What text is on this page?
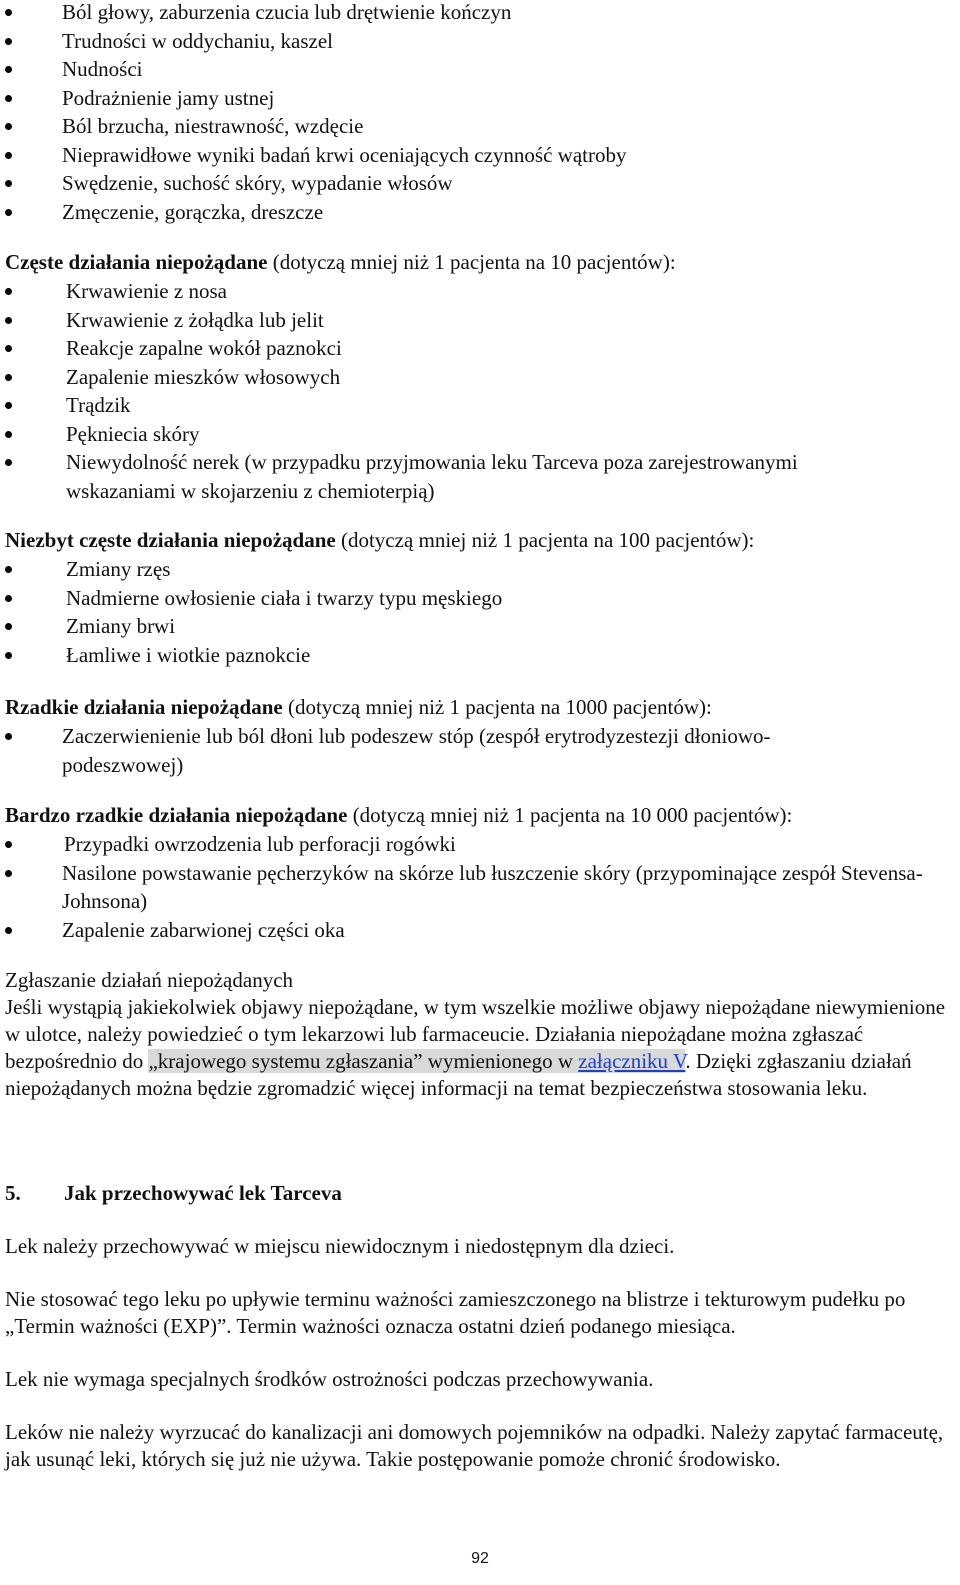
Ból głowy, zaburzenia czucia lub drętwienie kończyn
Trudności w oddychaniu, kaszel
Nudności
Podrażnienie jamy ustnej
Ból brzucha, niestrawność, wzdęcie
Nieprawidłowe wyniki badań krwi oceniających czynność wątroby
Swędzenie, suchość skóry, wypadanie włosów
Zmęczenie, gorączka, dreszcze
Częste działania niepożądane (dotyczą mniej niż 1 pacjenta na 10 pacjentów):
Krwawienie z nosa
Krwawienie z żołądka lub jelit
Reakcje zapalne wokół paznokci
Zapalenie mieszków włosowych
Trądzik
Pękniecia skóry
Niewydolność nerek (w przypadku przyjmowania leku Tarceva poza zarejestrowanymi wskazaniami w skojarzeniu z chemioterpią)
Niezbyt częste działania niepożądane (dotyczą mniej niż 1 pacjenta na 100 pacjentów):
Zmiany rzęs
Nadmierne owłosienie ciała i twarzy typu męskiego
Zmiany brwi
Łamliwe i wiotkie paznokcie
Rzadkie działania niepożądane (dotyczą mniej niż 1 pacjenta na 1000 pacjentów):
Zaczerwienienie lub ból dłoni lub podeszew stóp (zespół erytrodyzestezji dłoniowo-podeszwowej)
Bardzo rzadkie działania niepożądane (dotyczą mniej niż 1 pacjenta na 10 000 pacjentów):
Przypadki owrzodzenia lub perforacji rogówki
Nasilone powstawanie pęcherzyków na skórze lub łuszczenie skóry (przypominające zespół Stevensa-Johnsona)
Zapalenie zabarwionej części oka
Zgłaszanie działań niepożądanych
Jeśli wystąpią jakiekolwiek objawy niepożądane, w tym wszelkie możliwe objawy niepożądane niewymienione w ulotce, należy powiedzieć o tym lekarzowi lub farmaceucie. Działania niepożądane można zgłaszać bezpośrednio do „krajowego systemu zgłaszania” wymienionego w załączniku V. Dzięki zgłaszaniu działań niepożądanych można będzie zgromadzić więcej informacji na temat bezpieczeństwa stosowania leku.
5. Jak przechowywać lek Tarceva
Lek należy przechowywać w miejscu niewidocznym i niedostępnym dla dzieci.
Nie stosować tego leku po upływie terminu ważności zamieszczonego na blistrze i tekturowym pudełku po „Termin ważności (EXP)”. Termin ważności oznacza ostatni dzień podanego miesiąca.
Lek nie wymaga specjalnych środków ostrożności podczas przechowywania.
Leków nie należy wyrzucać do kanalizacji ani domowych pojemników na odpadki. Należy zapytać farmaceutę, jak usunąć leki, których się już nie używa. Takie postępowanie pomoże chronić środowisko.
92
